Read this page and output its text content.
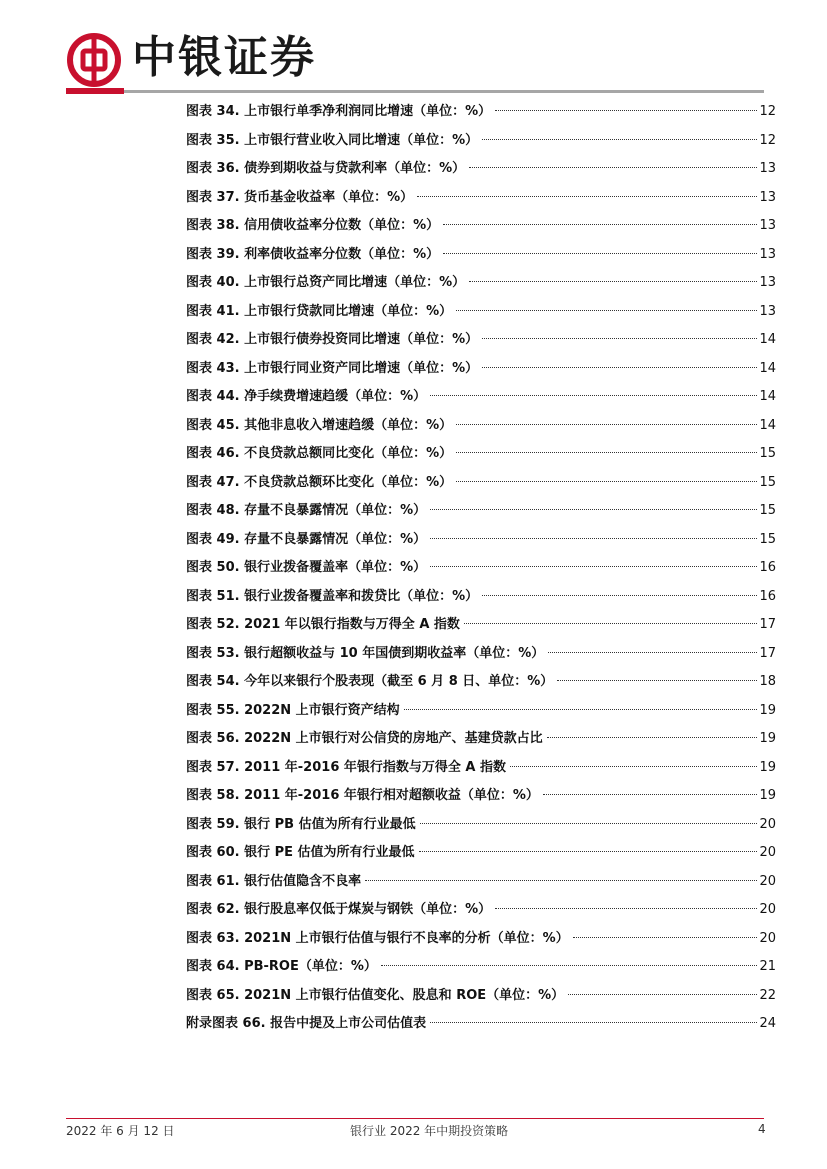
中银证券
图表 34. 上市银行单季净利润同比增速（单位：%）	12
图表 35. 上市银行营业收入同比增速（单位：%）	12
图表 36. 债券到期收益与贷款利率（单位：%）	13
图表 37. 货币基金收益率（单位：%）	13
图表 38. 信用债收益率分位数（单位：%）	13
图表 39. 利率债收益率分位数（单位：%）	13
图表 40. 上市银行总资产同比增速（单位：%）	13
图表 41. 上市银行贷款同比增速（单位：%）	13
图表 42. 上市银行债券投资同比增速（单位：%）	14
图表 43. 上市银行同业资产同比增速（单位：%）	14
图表 44. 净手续费增速趋缓（单位：%）	14
图表 45. 其他非息收入增速趋缓（单位：%）	14
图表 46. 不良贷款总额同比变化（单位：%）	15
图表 47. 不良贷款总额环比变化（单位：%）	15
图表 48. 存量不良暴露情况（单位：%）	15
图表 49. 存量不良暴露情况（单位：%）	15
图表 50. 银行业拨备覆盖率（单位：%）	16
图表 51. 银行业拨备覆盖率和拨贷比（单位：%）	16
图表 52. 2021 年以银行指数与万得全 A 指数	17
图表 53. 银行超额收益与 10 年国债到期收益率（单位：%）	17
图表 54. 今年以来银行个股表现（截至 6 月 8 日、单位：%）	18
图表 55. 2022N 上市银行资产结构	19
图表 56. 2022N 上市银行对公信贷的房地产、基建贷款占比	19
图表 57. 2011 年-2016 年银行指数与万得全 A 指数	19
图表 58. 2011 年-2016 年银行相对超额收益（单位：%）	19
图表 59. 银行 PB 估值为所有行业最低	20
图表 60. 银行 PE 估值为所有行业最低	20
图表 61. 银行估值隐含不良率	20
图表 62. 银行股息率仅低于煤炭与钢铁（单位：%）	20
图表 63. 2021N 上市银行估值与银行不良率的分析（单位：%）	20
图表 64. PB-ROE（单位：%）	21
图表 65. 2021N 上市银行估值变化、股息和 ROE（单位：%）	22
附录图表 66. 报告中提及上市公司估值表	24
2022 年 6 月 12 日	银行业 2022 年中期投资策略	4
